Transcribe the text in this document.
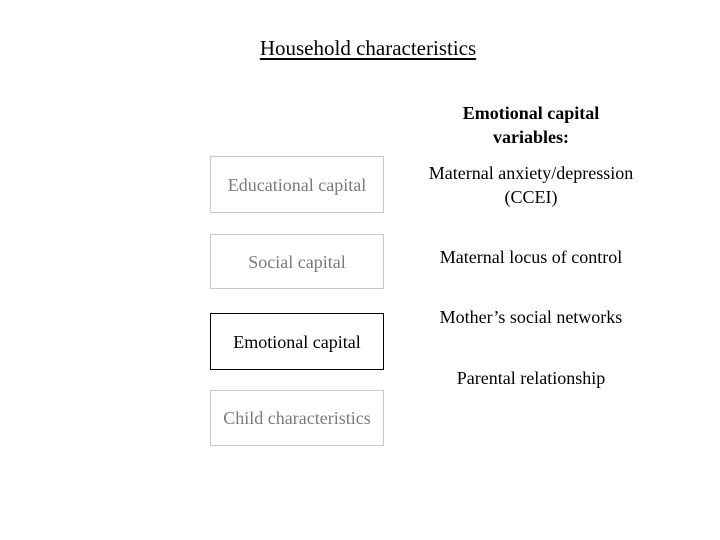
Household characteristics
Educational capital
Social capital
Emotional capital
Child characteristics
Emotional capital variables:
Maternal anxiety/depression (CCEI)
Maternal locus of control
Mother’s social networks
Parental relationship
